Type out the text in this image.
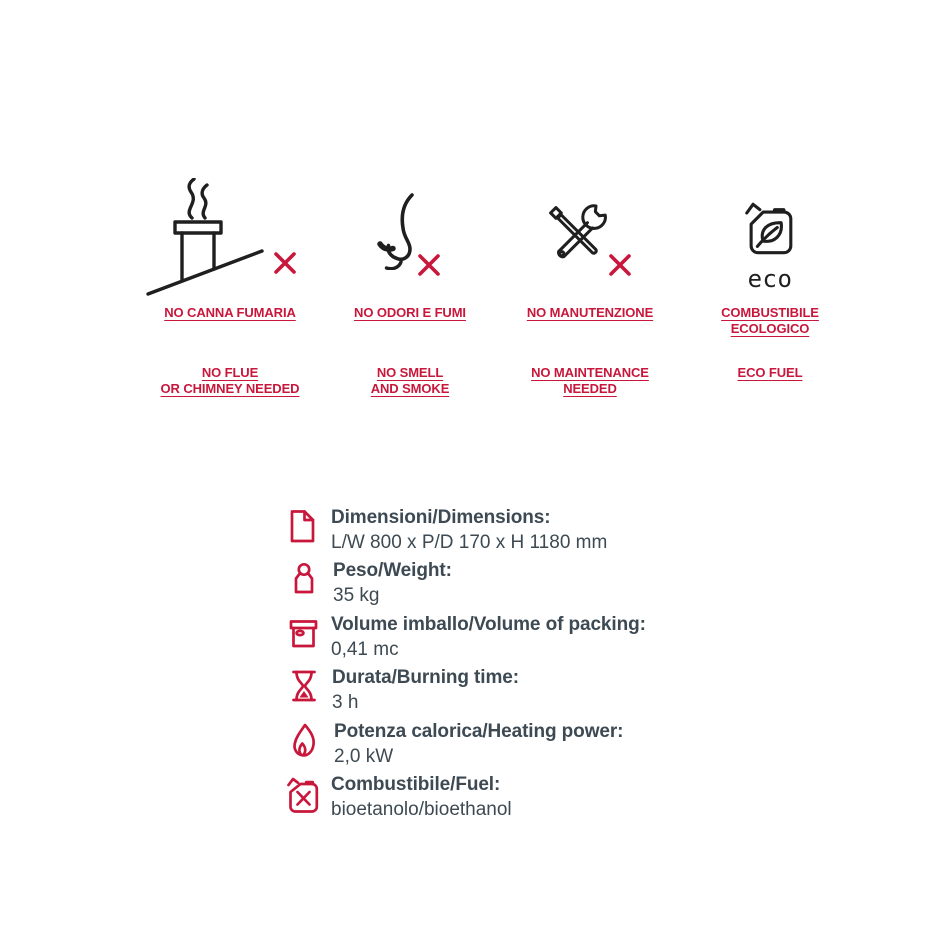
NO CANNA FUMARIA
NO FLUE
OR CHIMNEY NEEDED
NO ODORI E FUMI
NO SMELL
AND SMOKE
NO MANUTENZIONE
NO MAINTENANCE
NEEDED
eco
COMBUSTIBILE
ECOLOGICO
ECO FUEL
Dimensioni/Dimensions:
L/W 800 x P/D 170 x H 1180 mm
Peso/Weight:
35 kg
Volume imballo/Volume of packing:
0,41 mc
Durata/Burning time:
3 h
Potenza calorica/Heating power:
2,0 kW
Combustibile/Fuel:
bioetanolo/bioethanol
